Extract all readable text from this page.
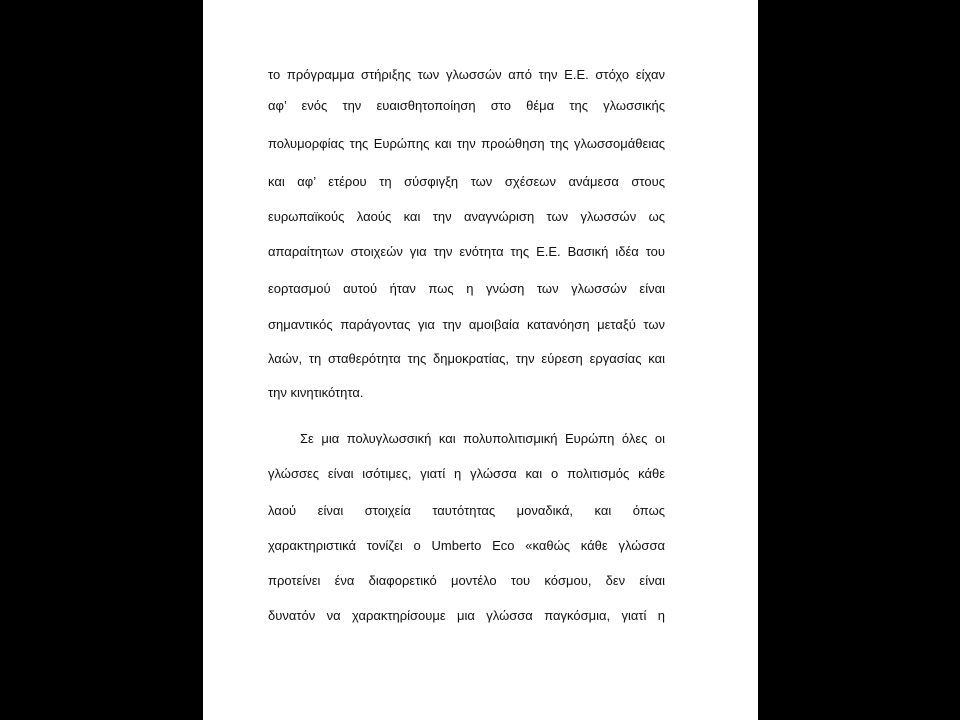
το πρόγραμμα στήριξης των γλωσσών από την Ε.Ε. στόχο είχαν
αφ’ ενός την ευαισθητοποίηση στο θέμα της γλωσσικής
πολυμορφίας της Ευρώπης και την προώθηση της γλωσσομάθειας
και αφ’ ετέρου τη σύσφιγξη των σχέσεων ανάμεσα στους
ευρωπαϊκούς λαούς και την αναγνώριση των γλωσσών ως
απαραίτητων στοιχεών για την ενότητα της Ε.Ε. Βασική ιδέα του
εορτασμού αυτού ήταν πως η γνώση των γλωσσών είναι
σημαντικός παράγοντας για την αμοιβαία κατανόηση μεταξύ των
λαών, τη σταθερότητα της δημοκρατίας, την εύρεση εργασίας και
την κινητικότητα.
Σε μια πολυγλωσσική και πολυπολιτισμική Ευρώπη όλες οι
γλώσσες είναι ισότιμες, γιατί η γλώσσα και ο πολιτισμός κάθε
λαού είναι στοιχεία ταυτότητας μοναδικά, και όπως
χαρακτηριστικά τονίζει ο Umberto Eco «καθώς κάθε γλώσσα
προτείνει ένα διαφορετικό μοντέλο του κόσμου, δεν είναι
δυνατόν να χαρακτηρίσουμε μια γλώσσα παγκόσμια, γιατί η
